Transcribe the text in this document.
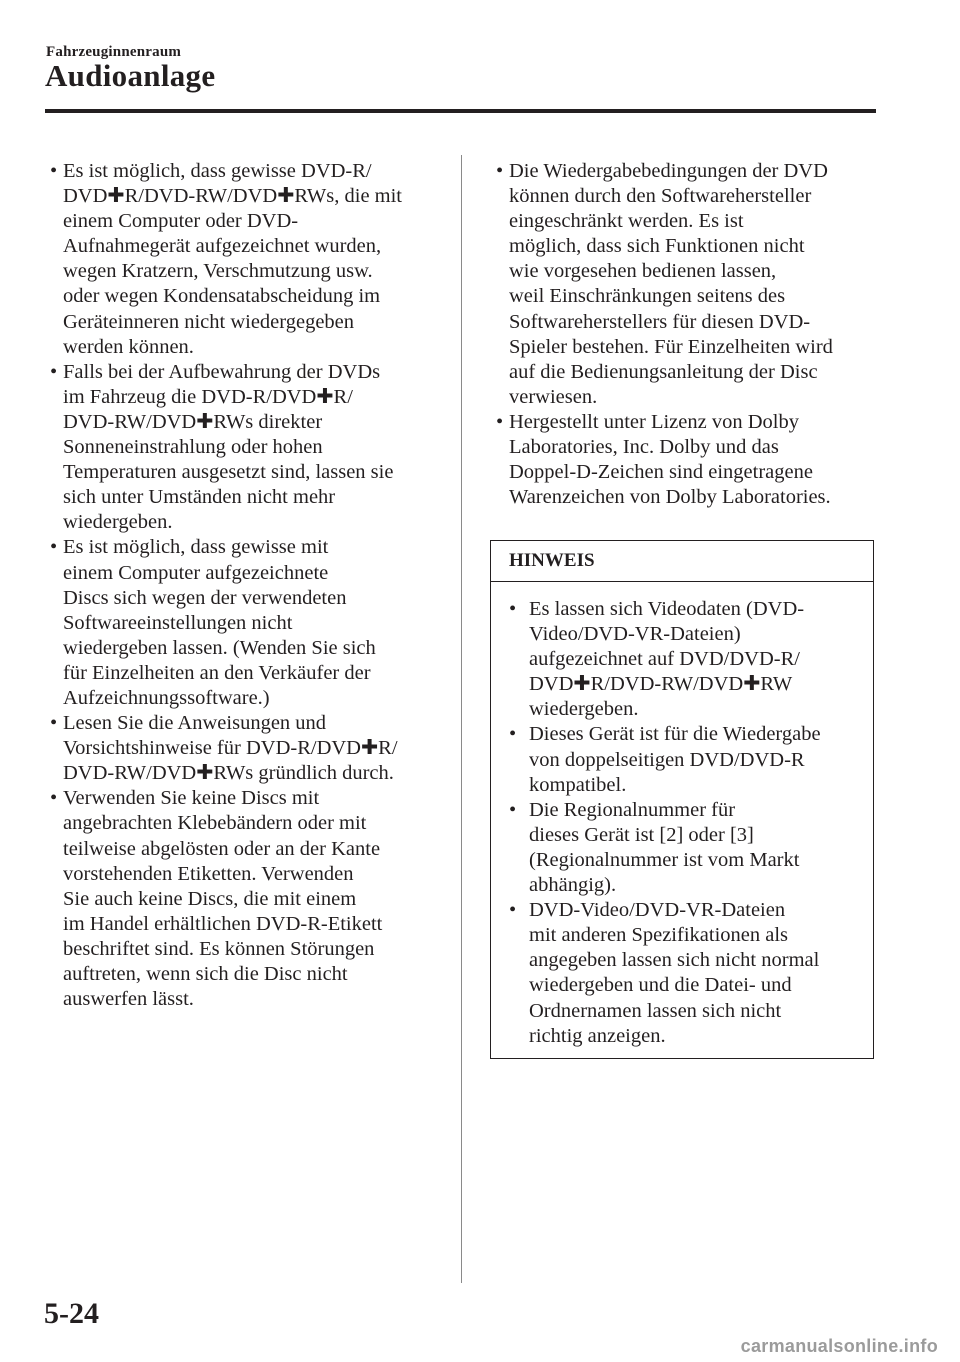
Fahrzeuginnenraum
Audioanlage
• Es ist möglich, dass gewisse DVD-R/
DVD✚R/DVD-RW/DVD✚RWs, die mit
einem Computer oder DVD-
Aufnahmegerät aufgezeichnet wurden,
wegen Kratzern, Verschmutzung usw.
oder wegen Kondensatabscheidung im
Geräteinneren nicht wiedergegeben
werden können.
• Falls bei der Aufbewahrung der DVDs
im Fahrzeug die DVD-R/DVD✚R/
DVD-RW/DVD✚RWs direkter
Sonneneinstrahlung oder hohen
Temperaturen ausgesetzt sind, lassen sie
sich unter Umständen nicht mehr
wiedergeben.
• Es ist möglich, dass gewisse mit
einem Computer aufgezeichnete
Discs sich wegen der verwendeten
Softwareeinstellungen nicht
wiedergeben lassen. (Wenden Sie sich
für Einzelheiten an den Verkäufer der
Aufzeichnungssoftware.)
• Lesen Sie die Anweisungen und
Vorsichtshinweise für DVD-R/DVD✚R/
DVD-RW/DVD✚RWs gründlich durch.
• Verwenden Sie keine Discs mit
angebrachten Klebebändern oder mit
teilweise abgelösten oder an der Kante
vorstehenden Etiketten. Verwenden
Sie auch keine Discs, die mit einem
im Handel erhältlichen DVD-R-Etikett
beschriftet sind. Es können Störungen
auftreten, wenn sich die Disc nicht
auswerfen lässt.
• Die Wiedergabebedingungen der DVD
können durch den Softwarehersteller
eingeschränkt werden. Es ist
möglich, dass sich Funktionen nicht
wie vorgesehen bedienen lassen,
weil Einschränkungen seitens des
Softwareherstellers für diesen DVD-
Spieler bestehen. Für Einzelheiten wird
auf die Bedienungsanleitung der Disc
verwiesen.
• Hergestellt unter Lizenz von Dolby
Laboratories, Inc. Dolby und das
Doppel-D-Zeichen sind eingetragene
Warenzeichen von Dolby Laboratories.
HINWEIS
• Es lassen sich Videodaten (DVD-
Video/DVD-VR-Dateien)
aufgezeichnet auf DVD/DVD-R/
DVD✚R/DVD-RW/DVD✚RW
wiedergeben.
• Dieses Gerät ist für die Wiedergabe
von doppelseitigen DVD/DVD-R
kompatibel.
• Die Regionalnummer für
dieses Gerät ist [2] oder [3]
(Regionalnummer ist vom Markt
abhängig).
• DVD-Video/DVD-VR-Dateien
mit anderen Spezifikationen als
angegeben lassen sich nicht normal
wiedergeben und die Datei- und
Ordnernamen lassen sich nicht
richtig anzeigen.
5-24
carmanualsonline.info
